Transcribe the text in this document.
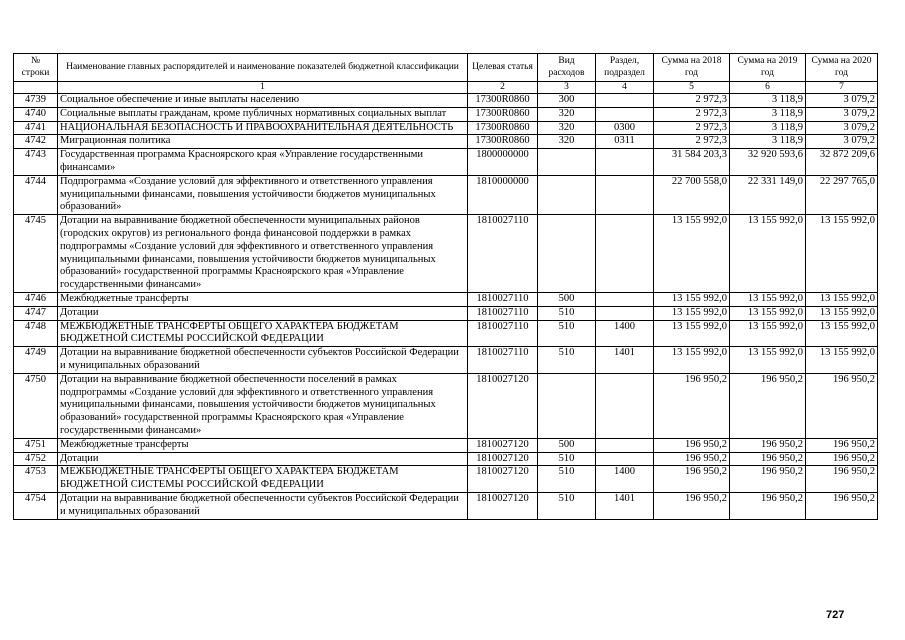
№ строки	Наименование главных распорядителей и наименование показателей бюджетной классификации	Целевая статья	Вид расходов	Раздел, подраздел	Сумма на 2018 год	Сумма на 2019 год	Сумма на 2020 год
	1	2	3	4	5	6	7
4739	Социальное обеспечение и иные выплаты населению	17300R0860	300		2 972,3	3 118,9	3 079,2
4740	Социальные выплаты гражданам, кроме публичных нормативных социальных выплат	17300R0860	320		2 972,3	3 118,9	3 079,2
4741	НАЦИОНАЛЬНАЯ БЕЗОПАСНОСТЬ И ПРАВООХРАНИТЕЛЬНАЯ ДЕЯТЕЛЬНОСТЬ	17300R0860	320	0300	2 972,3	3 118,9	3 079,2
4742	Миграционная политика	17300R0860	320	0311	2 972,3	3 118,9	3 079,2
4743	Государственная программа Красноярского края «Управление государственными финансами»	1800000000			31 584 203,3	32 920 593,6	32 872 209,6
4744	Подпрограмма «Создание условий для эффективного и ответственного управления муниципальными финансами, повышения устойчивости бюджетов муниципальных образований»	1810000000			22 700 558,0	22 331 149,0	22 297 765,0
4745	Дотации на выравнивание бюджетной обеспеченности муниципальных районов (городских округов) из регионального фонда финансовой поддержки в рамках подпрограммы «Создание условий для эффективного и ответственного управления муниципальными финансами, повышения устойчивости бюджетов муниципальных образований» государственной программы Красноярского края «Управление государственными финансами»	1810027110			13 155 992,0	13 155 992,0	13 155 992,0
4746	Межбюджетные трансферты	1810027110	500		13 155 992,0	13 155 992,0	13 155 992,0
4747	Дотации	1810027110	510		13 155 992,0	13 155 992,0	13 155 992,0
4748	МЕЖБЮДЖЕТНЫЕ ТРАНСФЕРТЫ ОБЩЕГО ХАРАКТЕРА БЮДЖЕТАМ БЮДЖЕТНОЙ СИСТЕМЫ РОССИЙСКОЙ ФЕДЕРАЦИИ	1810027110	510	1400	13 155 992,0	13 155 992,0	13 155 992,0
4749	Дотации на выравнивание бюджетной обеспеченности субъектов Российской Федерации и муниципальных образований	1810027110	510	1401	13 155 992,0	13 155 992,0	13 155 992,0
4750	Дотации на выравнивание бюджетной обеспеченности поселений в рамках подпрограммы «Создание условий для эффективного и ответственного управления муниципальными финансами, повышения устойчивости бюджетов муниципальных образований» государственной программы Красноярского края «Управление государственными финансами»	1810027120			196 950,2	196 950,2	196 950,2
4751	Межбюджетные трансферты	1810027120	500		196 950,2	196 950,2	196 950,2
4752	Дотации	1810027120	510		196 950,2	196 950,2	196 950,2
4753	МЕЖБЮДЖЕТНЫЕ ТРАНСФЕРТЫ ОБЩЕГО ХАРАКТЕРА БЮДЖЕТАМ БЮДЖЕТНОЙ СИСТЕМЫ РОССИЙСКОЙ ФЕДЕРАЦИИ	1810027120	510	1400	196 950,2	196 950,2	196 950,2
4754	Дотации на выравнивание бюджетной обеспеченности субъектов Российской Федерации и муниципальных образований	1810027120	510	1401	196 950,2	196 950,2	196 950,2
727
